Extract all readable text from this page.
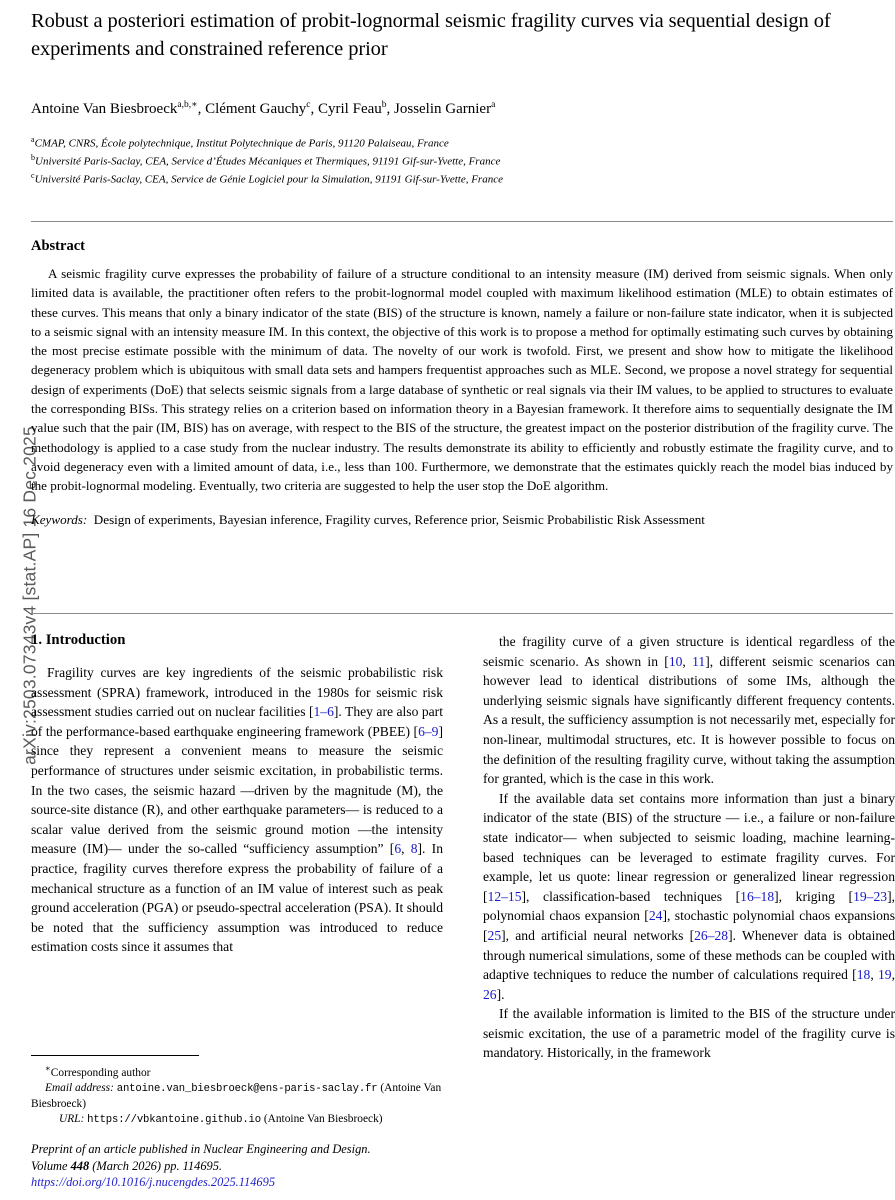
arXiv:2503.07343v4 [stat.AP] 16 Dec 2025
Robust a posteriori estimation of probit-lognormal seismic fragility curves via sequential design of experiments and constrained reference prior
Antoine Van Biesbroeck$^{a,b,∗}$, Clément Gauchy$^c$, Cyril Feau$^b$, Josselin Garnier$^a$
$^a$CMAP, CNRS, École polytechnique, Institut Polytechnique de Paris, 91120 Palaiseau, France
$^b$Université Paris-Saclay, CEA, Service d’Études Mécaniques et Thermiques, 91191 Gif-sur-Yvette, France
$^c$Université Paris-Saclay, CEA, Service de Génie Logiciel pour la Simulation, 91191 Gif-sur-Yvette, France
Abstract

A seismic fragility curve expresses the probability of failure of a structure conditional to an intensity measure (IM) derived from seismic signals. When only limited data is available, the practitioner often refers to the probit-lognormal model coupled with maximum likelihood estimation (MLE) to obtain estimates of these curves. This means that only a binary indicator of the state (BIS) of the structure is known, namely a failure or non-failure state indicator, when it is subjected to a seismic signal with an intensity measure IM. In this context, the objective of this work is to propose a method for optimally estimating such curves by obtaining the most precise estimate possible with the minimum of data. The novelty of our work is twofold. First, we present and show how to mitigate the likelihood degeneracy problem which is ubiquitous with small data sets and hampers frequentist approaches such as MLE. Second, we propose a novel strategy for sequential design of experiments (DoE) that selects seismic signals from a large database of synthetic or real signals via their IM values, to be applied to structures to evaluate the corresponding BISs. This strategy relies on a criterion based on information theory in a Bayesian framework. It therefore aims to sequentially designate the IM value such that the pair (IM, BIS) has on average, with respect to the BIS of the structure, the greatest impact on the posterior distribution of the fragility curve. The methodology is applied to a case study from the nuclear industry. The results demonstrate its ability to efficiently and robustly estimate the fragility curve, and to avoid degeneracy even with a limited amount of data, i.e., less than 100. Furthermore, we demonstrate that the estimates quickly reach the model bias induced by the probit-lognormal modeling. Eventually, two criteria are suggested to help the user stop the DoE algorithm.

Keywords: Design of experiments, Bayesian inference, Fragility curves, Reference prior, Seismic Probabilistic Risk Assessment
1. Introduction

Fragility curves are key ingredients of the seismic probabilistic risk assessment (SPRA) framework, introduced in the 1980s for seismic risk assessment studies carried out on nuclear facilities [1–6]. They are also part of the performance-based earthquake engineering framework (PBEE) [6–9] since they represent a convenient means to measure the seismic performance of structures under seismic excitation, in probabilistic terms. In the two cases, the seismic hazard —driven by the magnitude (M), the source-site distance (R), and other earthquake parameters— is reduced to a scalar value derived from the seismic ground motion —the intensity measure (IM)— under the so-called “sufficiency assumption” [6, 8]. In practice, fragility curves therefore express the probability of failure of a mechanical structure as a function of an IM value of interest such as peak ground acceleration (PGA) or pseudo-spectral acceleration (PSA). It should be noted that the sufficiency assumption was introduced to reduce estimation costs since it assumes that

the fragility curve of a given structure is identical regardless of the seismic scenario. As shown in [10, 11], different seismic scenarios can however lead to identical distributions of some IMs, although the underlying seismic signals have significantly different frequency contents. As a result, the sufficiency assumption is not necessarily met, especially for non-linear, multimodal structures, etc. It is however possible to focus on the definition of the resulting fragility curve, without taking the assumption for granted, which is the case in this work.

If the available data set contains more information than just a binary indicator of the state (BIS) of the structure — i.e., a failure or non-failure state indicator— when subjected to seismic loading, machine learning-based techniques can be leveraged to estimate fragility curves. For example, let us quote: linear regression or generalized linear regression [12–15], classification-based techniques [16–18], kriging [19–23], polynomial chaos expansion [24], stochastic polynomial chaos expansions [25], and artificial neural networks [26–28]. Whenever data is obtained through numerical simulations, some of these methods can be coupled with adaptive techniques to reduce the number of calculations required [18, 19, 26].

If the available information is limited to the BIS of the structure under seismic excitation, the use of a parametric model of the fragility curve is mandatory. Historically, in the framework

∗Corresponding author

Email address: antoine.van_biesbroeck@ens-paris-saclay.fr (Antoine Van Biesbroeck)

URL: https://vbkantoine.github.io (Antoine Van Biesbroeck)

Preprint of an article published in Nuclear Engineering and Design.
Volume 448 (March 2026) pp. 114695.
https://doi.org/10.1016/j.nucengdes.2025.114695
